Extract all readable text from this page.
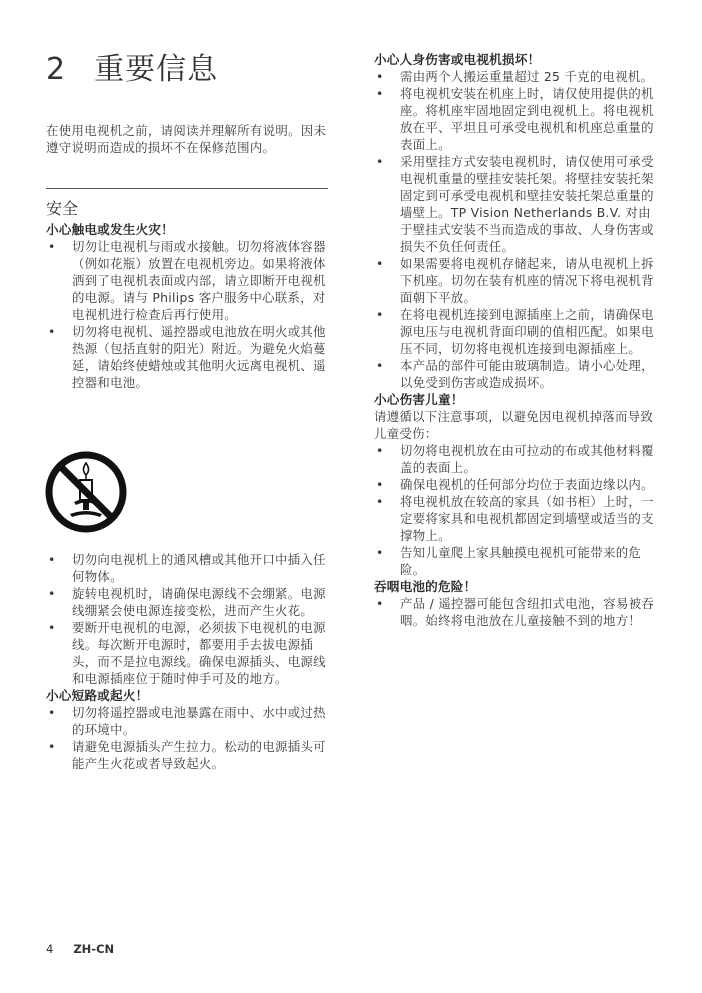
2 重要信息

在使用电视机之前，请阅读并理解所有说明。因未遵守说明而造成的损坏不在保修范围内。

安全

小心触电或发生火灾！

• 切勿让电视机与雨或水接触。切勿将液体容器（例如花瓶）放置在电视机旁边。如果将液体洒到了电视机表面或内部，请立即断开电视机的电源。请与 Philips 客户服务中心联系，对电视机进行检查后再行使用。
• 切勿将电视机、遥控器或电池放在明火或其他热源（包括直射的阳光）附近。为避免火焰蔓延，请始终使蜡烛或其他明火远离电视机、遥控器和电池。
• 切勿向电视机上的通风槽或其他开口中插入任何物体。
• 旋转电视机时，请确保电源线不会绷紧。电源线绷紧会使电源连接变松，进而产生火花。
• 要断开电视机的电源，必须拔下电视机的电源线。每次断开电源时，都要用手去拔电源插头，而不是拉电源线。确保电源插头、电源线和电源插座位于随时伸手可及的地方。

小心短路或起火！

• 切勿将遥控器或电池暴露在雨中、水中或过热的环境中。
• 请避免电源插头产生拉力。松动的电源插头可能产生火花或者导致起火。

小心人身伤害或电视机损坏！

• 需由两个人搬运重量超过 25 千克的电视机。
• 将电视机安装在机座上时，请仅使用提供的机座。将机座牢固地固定到电视机上。将电视机放在平、平坦且可承受电视机和机座总重量的表面上。
• 采用壁挂方式安装电视机时，请仅使用可承受电视机重量的壁挂安装托架。将壁挂安装托架固定到可承受电视机和壁挂安装托架总重量的墙壁上。TP Vision Netherlands B.V. 对由于壁挂式安装不当而造成的事故、人身伤害或损失不负任何责任。
• 如果需要将电视机存储起来，请从电视机上拆下机座。切勿在装有机座的情况下将电视机背面朝下平放。
• 在将电视机连接到电源插座上之前，请确保电源电压与电视机背面印刷的值相匹配。如果电压不同，切勿将电视机连接到电源插座上。
• 本产品的部件可能由玻璃制造。请小心处理，以免受到伤害或造成损坏。

小心伤害儿童！

请遵循以下注意事项，以避免因电视机掉落而导致儿童受伤：

• 切勿将电视机放在由可拉动的布或其他材料覆盖的表面上。
• 确保电视机的任何部分均位于表面边缘以内。
• 将电视机放在较高的家具（如书柜）上时，一定要将家具和电视机都固定到墙壁或适当的支撑物上。
• 告知儿童爬上家具触摸电视机可能带来的危险。

吞咽电池的危险！

• 产品 / 遥控器可能包含纽扣式电池，容易被吞咽。始终将电池放在儿童接触不到的地方！
4 ZH-CN
